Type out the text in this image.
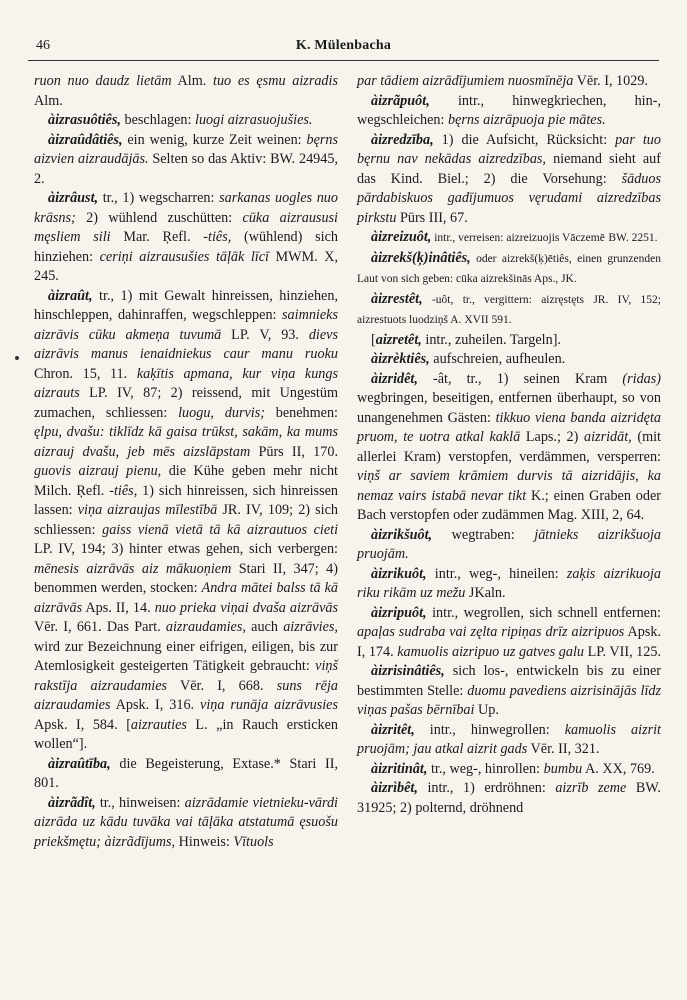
46	K. Mülenbacha

ruon nuo daudz lietām Alm. tuo es ęsmu aizradis Alm.

àizrasuôtiês, beschlagen: luogi aizrasuojušies.

àizraûdâtiês, ein wenig, kurze Zeit weinen: bęrns aizvien aizraudājās. Selten so das Aktiv: BW. 24945, 2.

àizrâust, tr., 1) wegscharren: sarkanas uogles nuo krāsns; 2) wühlend zuschütten: cūka aizraususi męsliem sili Mar. Ŗefl. -tiês, (wühlend) sich hinziehen: ceriņi aizrausušies tāļāk līcī MWM. X, 245.

àizraût, tr., 1) mit Gewalt hinreissen, hinziehen, hinschleppen, dahinraffen, wegschleppen: saimnieks aizrāvis cūku akmeņa tuvumā LP. V, 93. dievs aizrāvis manus ienaidniekus caur manu ruoku Chron. 15, 11. kaķītis apmana, kur viņa kungs aizrauts LP. IV, 87; 2) reissend, mit Ungestüm zumachen, schliessen: luogu, durvis; benehmen: ęlpu, dvašu: tiklīdz kā gaisa trūkst, sakām, ka mums aizrauj dvašu, jeb mēs aizslāpstam Pūrs II, 170. guovis aizrauj pienu, die Kühe geben mehr nicht Milch. Ŗefl. -tiês, 1) sich hinreissen, sich hinreissen lassen: viņa aizraujas mīlestībā JR. IV, 109; 2) sich schliessen: gaiss vienā vietā tā kā aizrautuos cieti LP. IV, 194; 3) hinter etwas gehen, sich verbergen: mēnesis aizrāvās aiz mākuoņiem Stari II, 347; 4) benommen werden, stocken: Andra mātei balss tā kā aizrāvās Aps. II, 14. nuo prieka viņai dvaša aizrāvās Vēr. I, 661. Das Part. aizraudamies, auch aizrāvies, wird zur Bezeichnung einer eifrigen, eiligen, bis zur Atemlosigkeit gesteigerten Tätigkeit gebraucht: viņš rakstīja aizraudamies Vēr. I, 668. suns rēja aizraudamies Apsk. I, 316. viņa runāja aizrāvusies Apsk. I, 584. [aizrauties L. „in Rauch ersticken wollen“].

àizraûtība, die Begeisterung, Extase.* Stari II, 801.

àizrãdît, tr., hinweisen: aizrādamie vietnieku-vārdi aizrāda uz kādu tuvāka vai tāļāka atstatumā ęsuošu priekšmętu; àizrãdījums, Hinweis: Vītuols

par tādiem aizrādījumiem nuosmīnēja Vēr. I, 1029.

àizrãpuôt, intr., hinwegkriechen, hin-, wegschleichen: bęrns aizrāpuoja pie mātes.

àizredzība, 1) die Aufsicht, Rücksicht: par tuo bęrnu nav nekādas aizredzības, niemand sieht auf das Kind. Biel.; 2) die Vorsehung: šāduos pārdabiskuos gadījumuos vęrudami aizredzības pirkstu Pūrs III, 67.

àizreizuôt, intr., verreisen: aizreizuojis Vāczemē BW. 2251.

àizrekš(ķ)inâtiês, oder aizrekš(ķ)ētiês, einen grunzenden Laut von sich geben: cūka aizrekšinās Aps., JK.

àizrestêt, -uôt, tr., vergittern: aizręstęts JR. IV, 152; aizrestuots luodziņš A. XVII 591.

[aizretêt, intr., zuheilen. Targeln].

àizrèktiês, aufschreien, aufheulen.

àizridêt, -ât, tr., 1) seinen Kram (ridas) wegbringen, beseitigen, entfernen überhaupt, so von unangenehmen Gästen: tikkuo viena banda aizridęta pruom, te uotra atkal kaklā Laps.; 2) aizridāt, (mit allerlei Kram) verstopfen, verdämmen, versperren: viņš ar saviem krāmiem durvis tā aizridājis, ka nemaz vairs istabā nevar tikt K.; einen Graben oder Bach verstopfen oder zudämmen Mag. XIII, 2, 64.

àizrikšuôt, wegtraben: jātnieks aizrikšuoja pruojām.

àizrikuôt, intr., weg-, hineilen: zaķis aizrikuoja riku rikām uz mežu JKaln.

àizripuôt, intr., wegrollen, sich schnell entfernen: apaļas sudraba vai zęlta ripiņas drīz aizripuos Apsk. I, 174. kamuolis aizripuo uz gatves galu LP. VII, 125.

àizrisinâtiês, sich los-, entwickeln bis zu einer bestimmten Stelle: duomu pavediens aizrisinājās līdz viņas pašas bērnībai Up.

àizritêt, intr., hinwegrollen: kamuolis aizrit pruojām; jau atkal aizrit gads Vēr. II, 321.

àizritinât, tr., weg-, hinrollen: bumbu A. XX, 769.

àizrìbêt, intr., 1) erdröhnen: aizrīb zeme BW. 31925; 2) polternd, dröhnend
